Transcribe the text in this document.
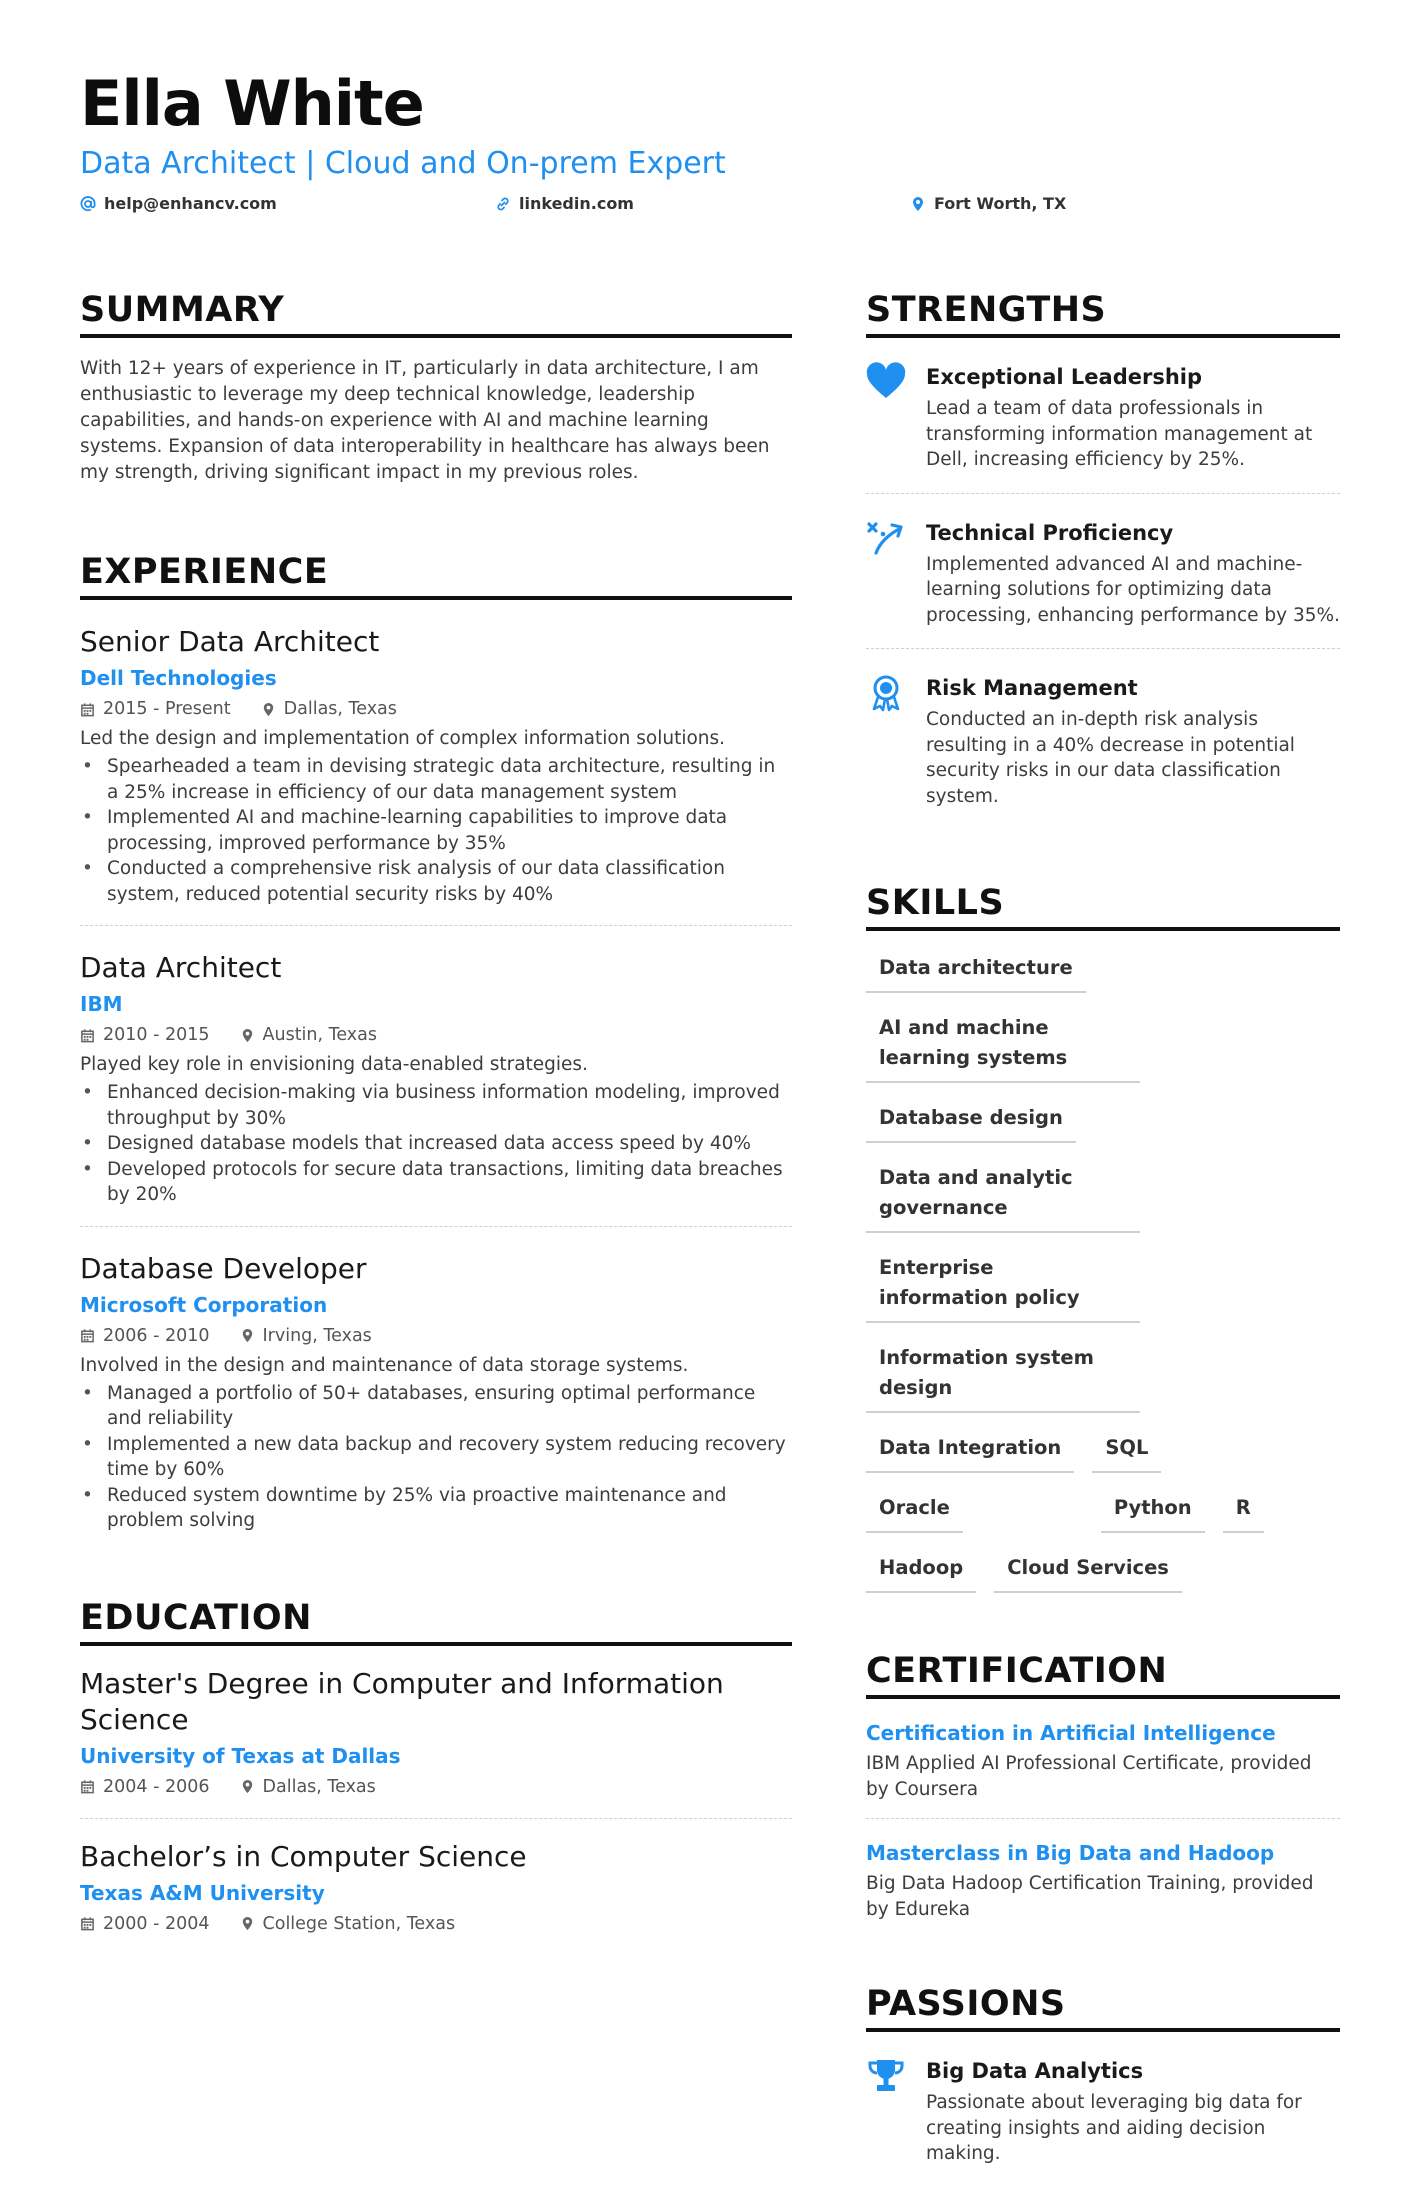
Ella White
Data Architect | Cloud and On-prem Expert
help@enhancv.com	linkedin.com	Fort Worth, TX
SUMMARY

With 12+ years of experience in IT, particularly in data architecture, I am enthusiastic to leverage my deep technical knowledge, leadership capabilities, and hands-on experience with AI and machine learning systems. Expansion of data interoperability in healthcare has always been my strength, driving significant impact in my previous roles.

EXPERIENCE
Senior Data Architect
Dell Technologies
2015 - Present	Dallas, Texas
Led the design and implementation of complex information solutions.
• Spearheaded a team in devising strategic data architecture, resulting in a 25% increase in efficiency of our data management system
• Implemented AI and machine-learning capabilities to improve data processing, improved performance by 35%
• Conducted a comprehensive risk analysis of our data classification system, reduced potential security risks by 40%
Data Architect
IBM
2010 - 2015	Austin, Texas
Played key role in envisioning data-enabled strategies.
• Enhanced decision-making via business information modeling, improved throughput by 30%
• Designed database models that increased data access speed by 40%
• Developed protocols for secure data transactions, limiting data breaches by 20%
Database Developer
Microsoft Corporation
2006 - 2010	Irving, Texas
Involved in the design and maintenance of data storage systems.
• Managed a portfolio of 50+ databases, ensuring optimal performance and reliability
• Implemented a new data backup and recovery system reducing recovery time by 60%
• Reduced system downtime by 25% via proactive maintenance and problem solving
EDUCATION
Master's Degree in Computer and Information Science
University of Texas at Dallas
2004 - 2006	Dallas, Texas
Bachelor’s in Computer Science
Texas A&M University
2000 - 2004	College Station, Texas
STRENGTHS
Exceptional Leadership
Lead a team of data professionals in transforming information management at Dell, increasing efficiency by 25%.
Technical Proficiency
Implemented advanced AI and machine-learning solutions for optimizing data processing, enhancing performance by 35%.
Risk Management
Conducted an in-depth risk analysis resulting in a 40% decrease in potential security risks in our data classification system.
SKILLS
Data architecture
AI and machine learning systems
Database design
Data and analytic governance
Enterprise information policy
Information system design
Data Integration	SQL
Oracle	Python	R
Hadoop	Cloud Services
CERTIFICATION
Certification in Artificial Intelligence
IBM Applied AI Professional Certificate, provided by Coursera
Masterclass in Big Data and Hadoop
Big Data Hadoop Certification Training, provided by Edureka
PASSIONS
Big Data Analytics
Passionate about leveraging big data for creating insights and aiding decision making.
